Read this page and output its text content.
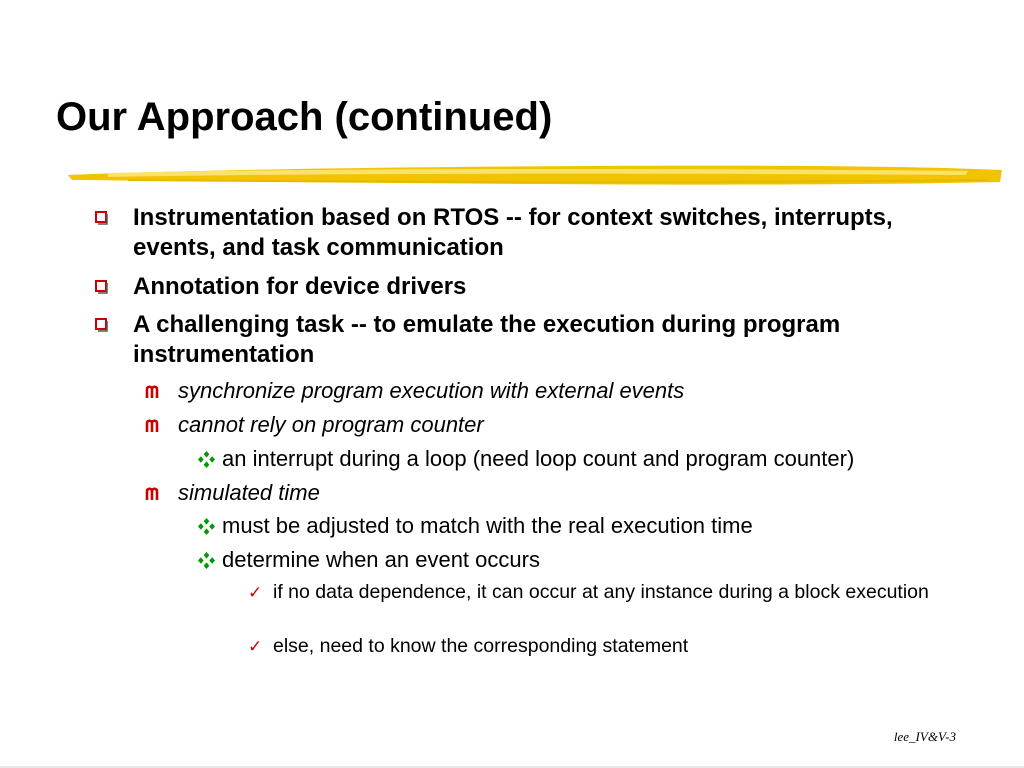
Our Approach (continued)
Instrumentation based on RTOS -- for context switches, interrupts, events, and task communication
Annotation for device drivers
A challenging task -- to emulate the execution during program instrumentation
synchronize program execution with external events
cannot rely on program counter
an interrupt during a loop (need loop count and program counter)
simulated time
must be adjusted to match with the real execution time
determine when an event occurs
✓ if no data dependence, it can occur at any instance during a block execution
✓ else, need to know the corresponding statement
lee_IV&V-3
